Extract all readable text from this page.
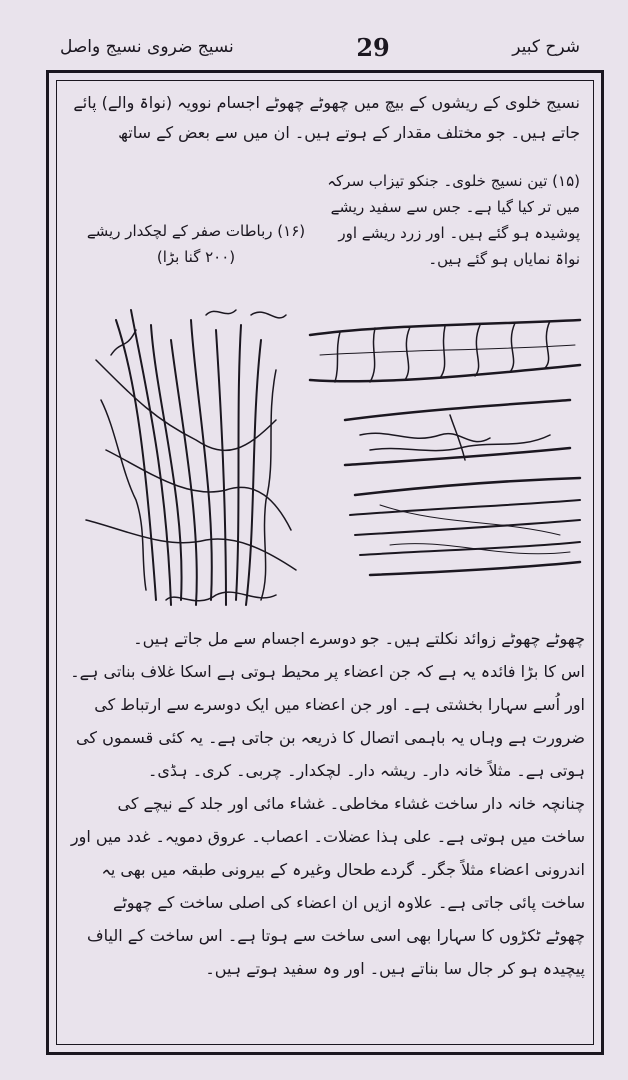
شرح کبیر
29
نسیج ضروی نسیج واصل
نسیج خلوی کے ریشوں کے بیچ میں چھوٹے چھوٹے اجسام نوویہ (نواۃ والے) پائے جاتے ہیں۔ جو مختلف مقدار کے ہوتے ہیں۔ ان میں سے بعض کے ساتھ
(۱۵) تین نسیج خلوی۔ جنکو تیزاب سرکہ میں تر کیا گیا ہے۔ جس سے سفید ریشے پوشیدہ ہو گئے ہیں۔ اور زرد ریشے اور نواۃ نمایاں ہو گئے ہیں۔
(۱۶) رباطات صفر کے لچکدار ریشے (۲۰۰ گنا بڑا)

چھوٹے چھوٹے زوائد نکلتے ہیں۔ جو دوسرے اجسام سے مل جاتے ہیں۔

اس کا بڑا فائدہ یہ ہے کہ جن اعضاء پر محیط ہوتی ہے اسکا غلاف بناتی ہے۔ اور اُسے سہارا بخشتی ہے۔ اور جن اعضاء میں ایک دوسرے سے ارتباط کی ضرورت ہے وہاں یہ باہمی اتصال کا ذریعہ بن جاتی ہے۔ یہ کئی قسموں کی ہوتی ہے۔ مثلاً خانہ دار۔ ریشہ دار۔ لچکدار۔ چربی۔ کری۔ ہڈی۔

چنانچہ خانہ دار ساخت غشاء مخاطی۔ غشاء مائی اور جلد کے نیچے کی ساخت میں ہوتی ہے۔ علی ہذا عضلات۔ اعصاب۔ عروق دمویہ۔ غدد میں اور اندرونی اعضاء مثلاً جگر۔ گردے طحال وغیرہ کے بیرونی طبقہ میں بھی یہ ساخت پائی جاتی ہے۔ علاوہ ازیں ان اعضاء کی اصلی ساخت کے چھوٹے چھوٹے ٹکڑوں کا سہارا بھی اسی ساخت سے ہوتا ہے۔ اس ساخت کے الیاف پیچیدہ ہو کر جال سا بناتے ہیں۔ اور وہ سفید ہوتے ہیں۔
